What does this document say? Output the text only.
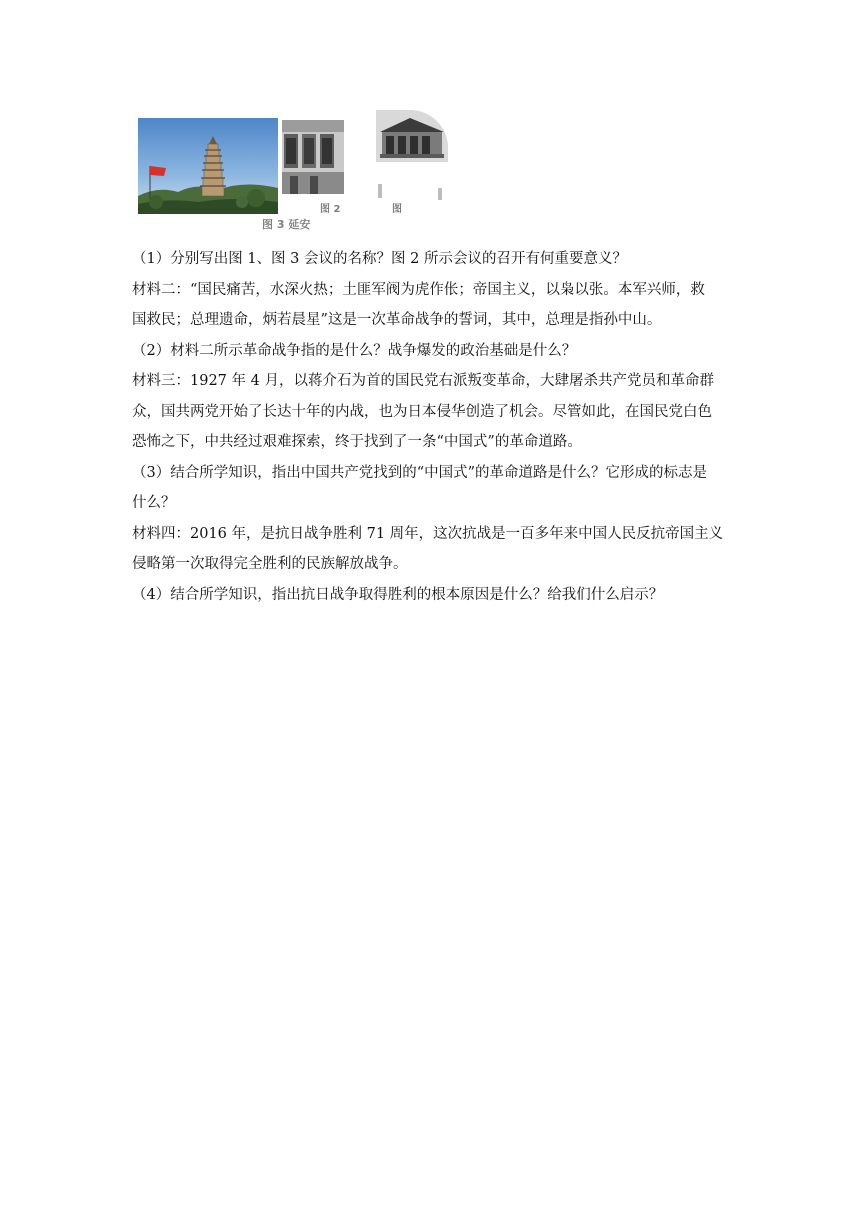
图 3 延安
图 2	图
（1）分别写出图 1、图 3 会议的名称？图 2 所示会议的召开有何重要意义？
材料二：“国民痛苦，水深火热；土匪军阀为虎作伥；帝国主义，以枭以张。本军兴师，救
国救民；总理遗命，炳若晨星”这是一次革命战争的誓词，其中，总理是指孙中山。
（2）材料二所示革命战争指的是什么？战争爆发的政治基础是什么？
材料三：1927 年 4 月，以蒋介石为首的国民党右派叛变革命，大肆屠杀共产党员和革命群
众，国共两党开始了长达十年的内战，也为日本侵华创造了机会。尽管如此，在国民党白色
恐怖之下，中共经过艰难探索，终于找到了一条“中国式”的革命道路。
（3）结合所学知识，指出中国共产党找到的“中国式”的革命道路是什么？它形成的标志是
什么？
材料四：2016 年，是抗日战争胜利 71 周年，这次抗战是一百多年来中国人民反抗帝国主义
侵略第一次取得完全胜利的民族解放战争。
（4）结合所学知识，指出抗日战争取得胜利的根本原因是什么？给我们什么启示？
